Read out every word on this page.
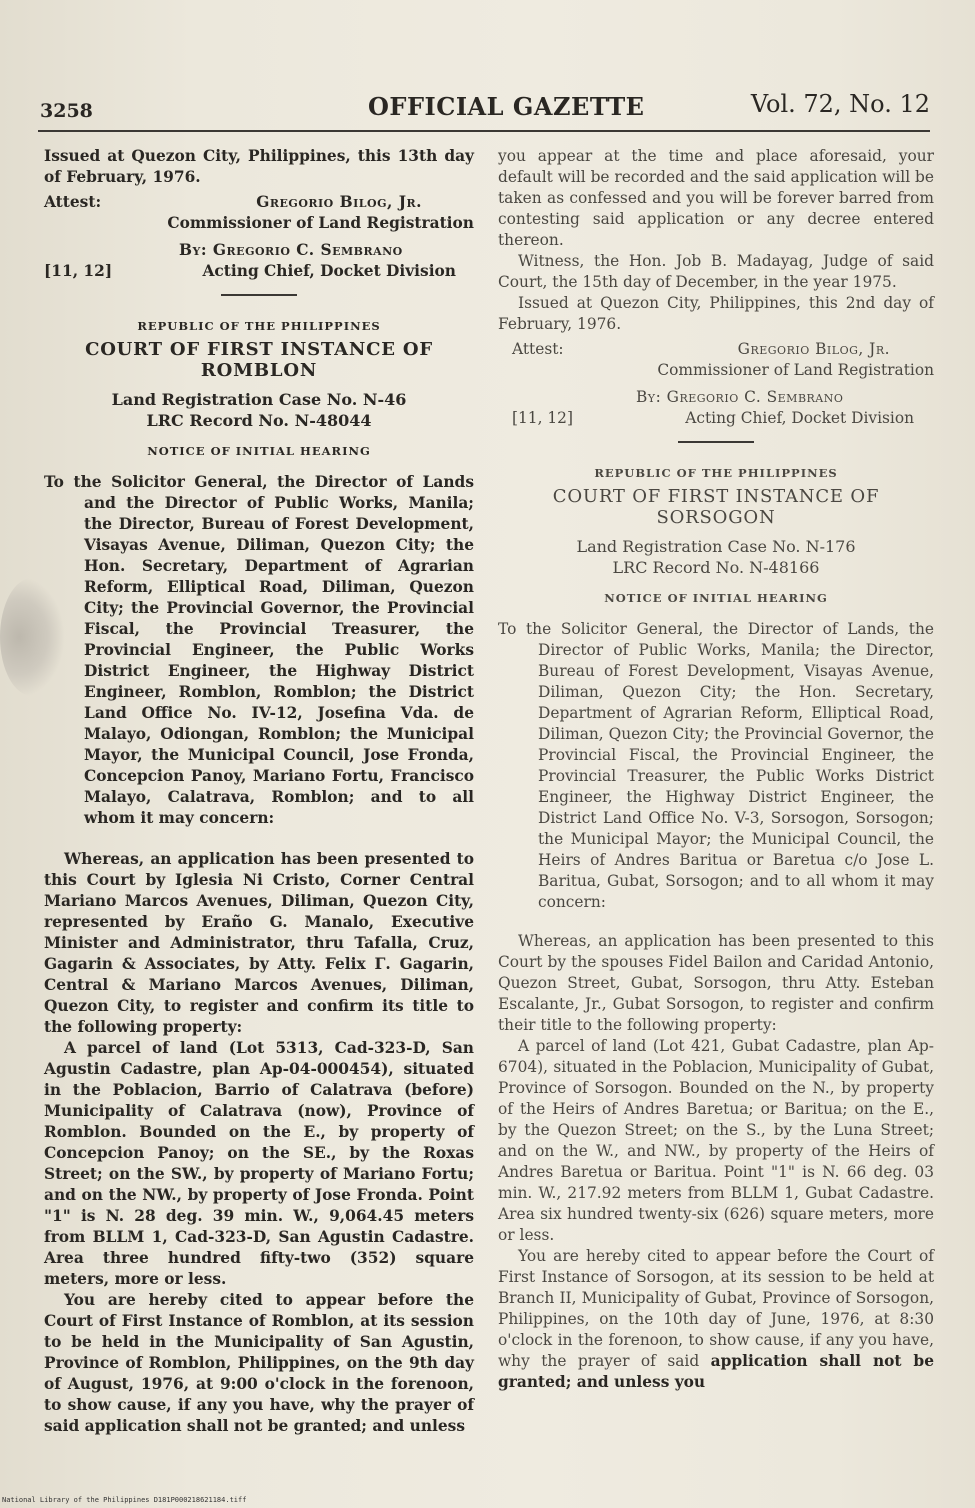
3258	OFFICIAL GAZETTE	Vol. 72, No. 12

Issued at Quezon City, Philippines, this 13th day of February, 1976.

Attest:	Gregorio Bilog, Jr.

Commissioner of Land Registration

By: Gregorio C. Sembrano

[11, 12]	Acting Chief, Docket Division

REPUBLIC OF THE PHILIPPINES

COURT OF FIRST INSTANCE OF ROMBLON

Land Registration Case No. N-46

LRC Record No. N-48044

NOTICE OF INITIAL HEARING

To the Solicitor General, the Director of Lands and the Director of Public Works, Manila; the Director, Bureau of Forest Development, Visayas Avenue, Diliman, Quezon City; the Hon. Secretary, Department of Agrarian Reform, Elliptical Road, Diliman, Quezon City; the Provincial Governor, the Provincial Fiscal, the Provincial Treasurer, the Provincial Engineer, the Public Works District Engineer, the Highway District Engineer, Romblon, Romblon; the District Land Office No. IV-12, Josefina Vda. de Malayo, Odiongan, Romblon; the Municipal Mayor, the Municipal Council, Jose Fronda, Concepcion Panoy, Mariano Fortu, Francisco Malayo, Calatrava, Romblon; and to all whom it may concern:

Whereas, an application has been presented to this Court by Iglesia Ni Cristo, Corner Central Mariano Marcos Avenues, Diliman, Quezon City, represented by Eraño G. Manalo, Executive Minister and Administrator, thru Tafalla, Cruz, Gagarin & Associates, by Atty. Felix Γ. Gagarin, Central & Mariano Marcos Avenues, Diliman, Quezon City, to register and confirm its title to the following property:

A parcel of land (Lot 5313, Cad-323-D, San Agustin Cadastre, plan Ap-04-000454), situated in the Poblacion, Barrio of Calatrava (before) Municipality of Calatrava (now), Province of Romblon. Bounded on the E., by property of Concepcion Panoy; on the SE., by the Roxas Street; on the SW., by property of Mariano Fortu; and on the NW., by property of Jose Fronda. Point "1" is N. 28 deg. 39 min. W., 9,064.45 meters from BLLM 1, Cad-323-D, San Agustin Cadastre. Area three hundred fifty-two (352) square meters, more or less.

You are hereby cited to appear before the Court of First Instance of Romblon, at its session to be held in the Municipality of San Agustin, Province of Romblon, Philippines, on the 9th day of August, 1976, at 9:00 o'clock in the forenoon, to show cause, if any you have, why the prayer of said application shall not be granted; and unless

you appear at the time and place aforesaid, your default will be recorded and the said application will be taken as confessed and you will be forever barred from contesting said application or any decree entered thereon.

Witness, the Hon. Job B. Madayag, Judge of said Court, the 15th day of December, in the year 1975.

Issued at Quezon City, Philippines, this 2nd day of February, 1976.

Attest:	Gregorio Bilog, Jr.

Commissioner of Land Registration

By: Gregorio C. Sembrano

[11, 12]	Acting Chief, Docket Division

REPUBLIC OF THE PHILIPPINES

COURT OF FIRST INSTANCE OF SORSOGON

Land Registration Case No. N-176

LRC Record No. N-48166

NOTICE OF INITIAL HEARING

To the Solicitor General, the Director of Lands, the Director of Public Works, Manila; the Director, Bureau of Forest Development, Visayas Avenue, Diliman, Quezon City; the Hon. Secretary, Department of Agrarian Reform, Elliptical Road, Diliman, Quezon City; the Provincial Governor, the Provincial Fiscal, the Provincial Engineer, the Provincial Treasurer, the Public Works District Engineer, the Highway District Engineer, the District Land Office No. V-3, Sorsogon, Sorsogon; the Municipal Mayor; the Municipal Council, the Heirs of Andres Baritua or Baretua c/o Jose L. Baritua, Gubat, Sorsogon; and to all whom it may concern:

Whereas, an application has been presented to this Court by the spouses Fidel Bailon and Caridad Antonio, Quezon Street, Gubat, Sorsogon, thru Atty. Esteban Escalante, Jr., Gubat Sorsogon, to register and confirm their title to the following property:

A parcel of land (Lot 421, Gubat Cadastre, plan Ap-6704), situated in the Poblacion, Municipality of Gubat, Province of Sorsogon. Bounded on the N., by property of the Heirs of Andres Baretua; or Baritua; on the E., by the Quezon Street; on the S., by the Luna Street; and on the W., and NW., by property of the Heirs of Andres Baretua or Baritua. Point "1" is N. 66 deg. 03 min. W., 217.92 meters from BLLM 1, Gubat Cadastre. Area six hundred twenty-six (626) square meters, more or less.

You are hereby cited to appear before the Court of First Instance of Sorsogon, at its session to be held at Branch II, Municipality of Gubat, Province of Sorsogon, Philippines, on the 10th day of June, 1976, at 8:30 o'clock in the forenoon, to show cause, if any you have, why the prayer of said application shall not be granted; and unless you

National Library of the Philippines D181P000218621184.tiff
